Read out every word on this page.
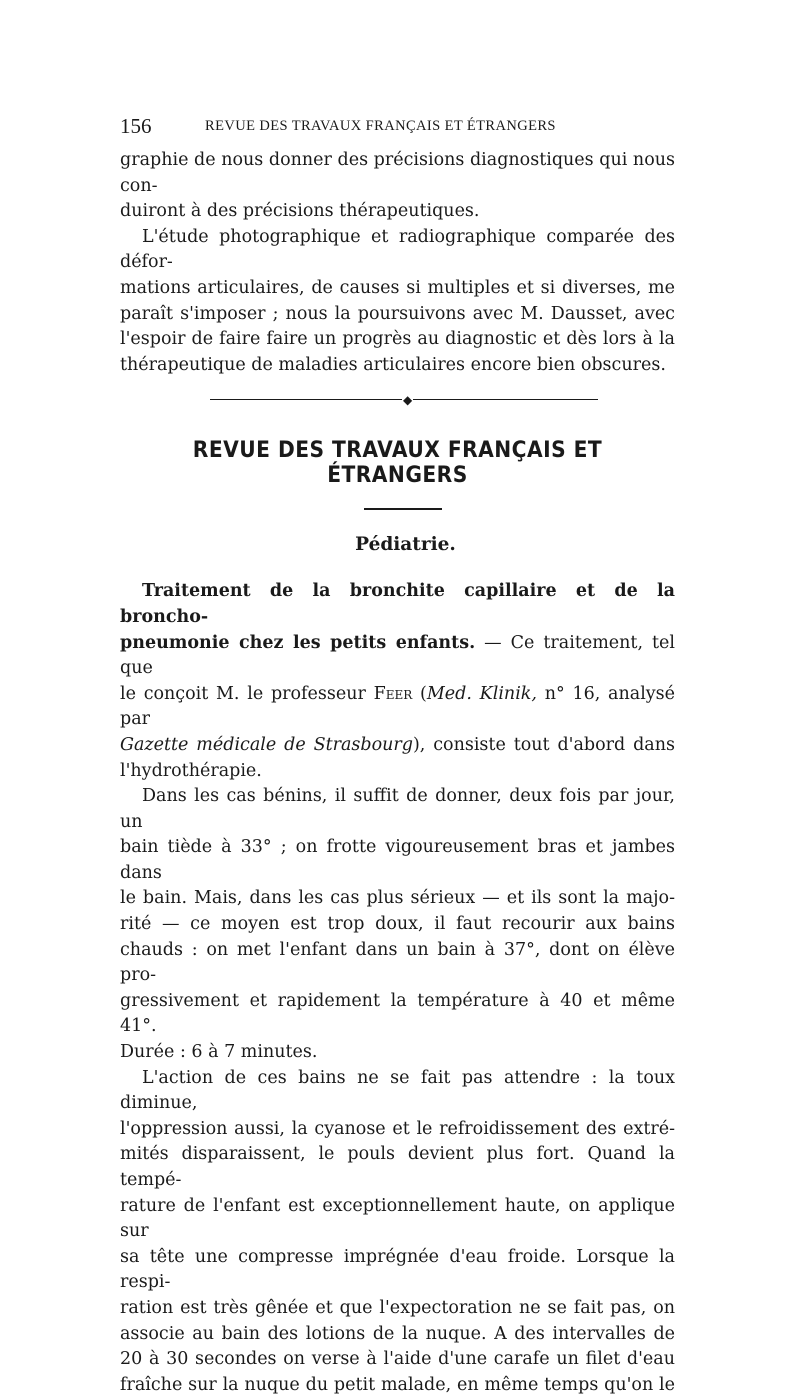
156	REVUE DES TRAVAUX FRANÇAIS ET ÉTRANGERS

graphie de nous donner des précisions diagnostiques qui nous con-

duiront à des précisions thérapeutiques.

L'étude photographique et radiographique comparée des défor-

mations articulaires, de causes si multiples et si diverses, me

paraît s'imposer ; nous la poursuivons avec M. Dausset, avec

l'espoir de faire faire un progrès au diagnostic et dès lors à la

thérapeutique de maladies articulaires encore bien obscures.

◆
REVUE DES TRAVAUX FRANÇAIS ET ÉTRANGERS
Pédiatrie.

Traitement de la bronchite capillaire et de la broncho-

pneumonie chez les petits enfants. — Ce traitement, tel que

le conçoit M. le professeur Feer (Med. Klinik, n° 16, analysé par

Gazette médicale de Strasbourg), consiste tout d'abord dans

l'hydrothérapie.

Dans les cas bénins, il suffit de donner, deux fois par jour, un

bain tiède à 33° ; on frotte vigoureusement bras et jambes dans

le bain. Mais, dans les cas plus sérieux — et ils sont la majo-

rité — ce moyen est trop doux, il faut recourir aux bains

chauds : on met l'enfant dans un bain à 37°, dont on élève pro-

gressivement et rapidement la température à 40 et même 41°.

Durée : 6 à 7 minutes.

L'action de ces bains ne se fait pas attendre : la toux diminue,

l'oppression aussi, la cyanose et le refroidissement des extré-

mités disparaissent, le pouls devient plus fort. Quand la tempé-

rature de l'enfant est exceptionnellement haute, on applique sur

sa tête une compresse imprégnée d'eau froide. Lorsque la respi-

ration est très gênée et que l'expectoration ne se fait pas, on

associe au bain des lotions de la nuque. A des intervalles de

20 à 30 secondes on verse à l'aide d'une carafe un filet d'eau

fraîche sur la nuque du petit malade, en même temps qu'on le
